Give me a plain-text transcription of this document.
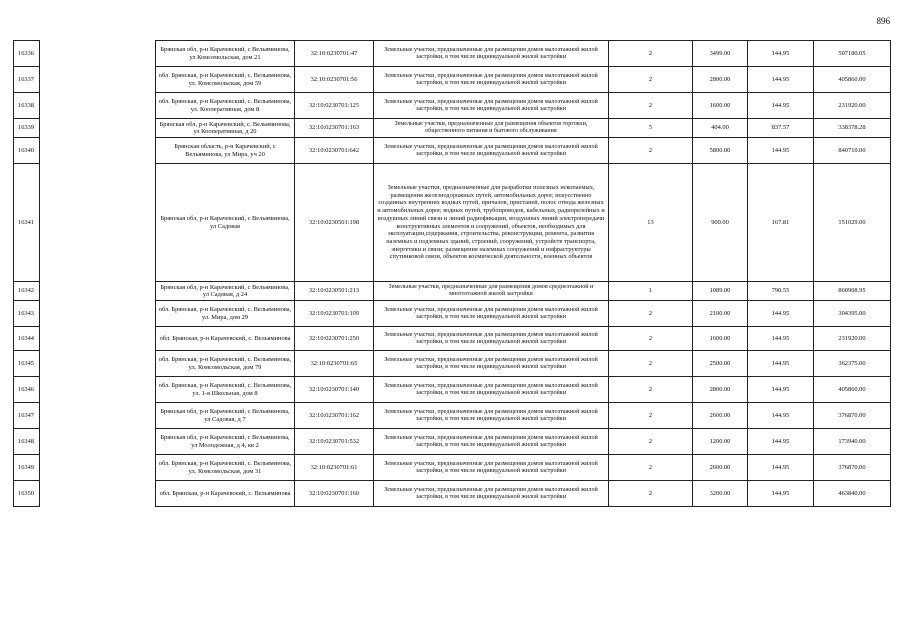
896
16336		Брянская обл, р-н Карачевский, с Вельяминова, ул Комсомольская, дом 21	32:10:0230701:47	Земельные участки, предназначенные для размещения домов малоэтажной жилой застройки, в том числе индивидуальной жилой застройки	2	3499.00	144.95	507180.05
16337		обл. Брянская, р-н Карачевский, с. Вельяминова, ул. Комсомольская, дом 59	32:10:0230701:56	Земельные участки, предназначенные для размещения домов малоэтажной жилой застройки, в том числе индивидуальной жилой застройки	2	2800.00	144.95	405860.00
16338		обл. Брянская, р-н Карачевский, с. Вельяминова, ул. Кооперативная, дом 8	32:10:0230701:125	Земельные участки, предназначенные для размещения домов малоэтажной жилой застройки, в том числе индивидуальной жилой застройки	2	1600.00	144.95	231920.00
16339		Брянская обл, р-н Карачевский, с. Вельяминова, ул Кооперативная, д 20	32:10:0230701:163	Земельные участки, предназначенные для размещения объектов торговли, общественного питания и бытового обслуживания	5	404.00	837.57	338378.28
16340		Брянская область, р-н Карачевский, с Вельяминова, ул Мира, уч 20	32:10:0230701:642	Земельные участки, предназначенные для размещения домов малоэтажной жилой застройки, в том числе индивидуальной жилой застройки	2	5800.00	144.95	840710.00
16341		Брянская обл, р-н Карачевский, с Вельяминова, ул Садовая	32:10:0230501:198	Земельные участки, предназначенные для разработки полезных ископаемых, размещения железнодорожных путей, автомобильных дорог, искусственно созданных внутренних водных путей, причалов, пристаней, полос отвода железных и автомобильных дорог, водных путей, трубопроводов, кабельных, радиорелейных и воздушных линий связи и линий радиофикации, воздушных линий электропередачи конструктивных элементов и сооружений, объектов, необходимых для эксплуатации,содержания, строительства, реконструкции, ремонта, развития наземных и подземных зданий, строений, сооружений, устройств транспорта, энергетики и связи; размещения наземных сооружений и инфраструктуры спутниковой связи, объектов космической деятельности, военных объектов	13	900.00	167.81	151029.00
16342		Брянская обл, р-н Карачевский, с Вельяминова, ул Садовая, д 24	32:10:0230501:213	Земельные участки, предназначенные для размещения домов среднеэтажной и многоэтажной жилой застройки	1	1089.00	790.55	860908.95
16343		обл. Брянская, р-н Карачевский, с. Вельяминова, ул. Мира, дом 29	32:10:0230701:109	Земельные участки, предназначенные для размещения домов малоэтажной жилой застройки, в том числе индивидуальной жилой застройки	2	2100.00	144.95	304395.00
16344		обл. Брянская, р-н Карачевский, с. Вельяминова	32:10:0230701:250	Земельные участки, предназначенные для размещения домов малоэтажной жилой застройки, в том числе индивидуальной жилой застройки	2	1600.00	144.95	231920.00
16345		обл. Брянская, р-н Карачевский, с. Вельяминова, ул. Комсомольская, дом 79	32:10:0230701:65	Земельные участки, предназначенные для размещения домов малоэтажной жилой застройки, в том числе индивидуальной жилой застройки	2	2500.00	144.95	362375.00
16346		обл. Брянская, р-н Карачевский, с. Вельяминова, ул. 1-я Школьная, дом 8	32:10:0230701:140	Земельные участки, предназначенные для размещения домов малоэтажной жилой застройки, в том числе индивидуальной жилой застройки	2	2800.00	144.95	405860.00
16347		Брянская обл, р-н Карачевский, с Вельяминова, ул Садовая, д 7	32:10:0230701:162	Земельные участки, предназначенные для размещения домов малоэтажной жилой застройки, в том числе индивидуальной жилой застройки	2	2600.00	144.95	376870.00
16348		Брянская обл, р-н Карачевский, с Вельяминова, ул Молодежная, д 4, кв 2	32:10:0230701:532	Земельные участки, предназначенные для размещения домов малоэтажной жилой застройки, в том числе индивидуальной жилой застройки	2	1200.00	144.95	173940.00
16349		обл. Брянская, р-н Карачевский, с. Вельяминова, ул. Комсомольская, дом 31	32:10:0230701:61	Земельные участки, предназначенные для размещения домов малоэтажной жилой застройки, в том числе индивидуальной жилой застройки	2	2600.00	144.95	376870.00
16350		обл. Брянская, р-н Карачевский, с. Вельяминова	32:10:0230701:160	Земельные участки, предназначенные для размещения домов малоэтажной жилой застройки, в том числе индивидуальной жилой застройки	2	3200.00	144.95	463840.00
